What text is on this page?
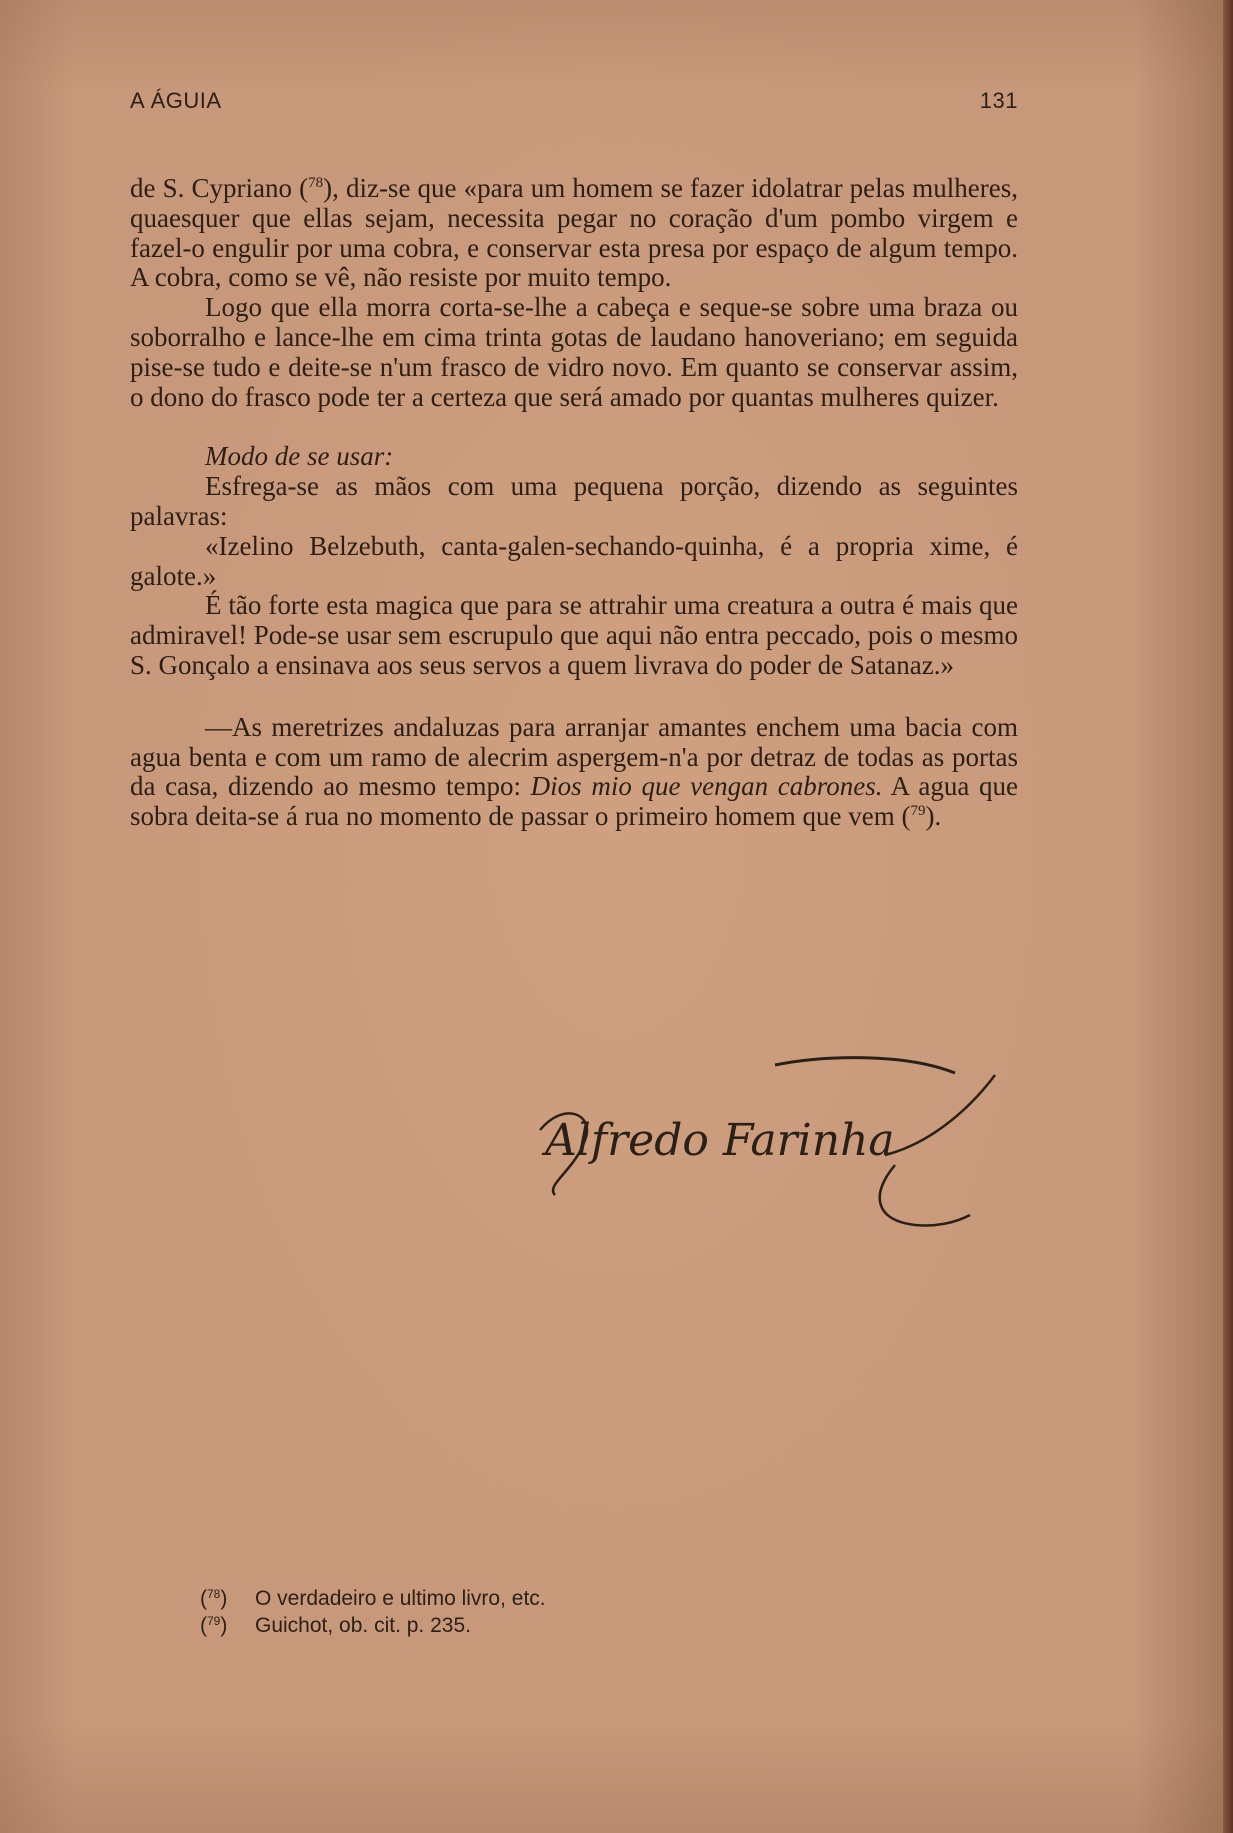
A ÁGUIA	131

de S. Cypriano ($^{78}$), diz-se que «para um homem se fazer idolatrar pelas mulheres, quaesquer que ellas sejam, necessita pegar no coração d'um pombo virgem e fazel-o engulir por uma cobra, e conservar esta presa por espaço de algum tempo. A cobra, como se vê, não resiste por muito tempo.

Logo que ella morra corta-se-lhe a cabeça e seque-se sobre uma braza ou soborralho e lance-lhe em cima trinta gotas de laudano hanoveriano; em seguida pise-se tudo e deite-se n'um frasco de vidro novo. Em quanto se conservar assim, o dono do frasco pode ter a certeza que será amado por quantas mulheres quizer.

Modo de se usar:

Esfrega-se as mãos com uma pequena porção, dizendo as seguintes palavras:

«Izelino Belzebuth, canta-galen-sechando-quinha, é a propria xime, é galote.»

É tão forte esta magica que para se attrahir uma creatura a outra é mais que admiravel! Pode-se usar sem escrupulo que aqui não entra peccado, pois o mesmo S. Gonçalo a ensinava aos seus servos a quem livrava do poder de Satanaz.»

—As meretrizes andaluzas para arranjar amantes enchem uma bacia com agua benta e com um ramo de alecrim aspergem-n'a por detraz de todas as portas da casa, dizendo ao mesmo tempo: Dios mio que vengan cabrones. A agua que sobra deita-se á rua no momento de passar o primeiro homem que vem ($^{79}$).

Alfredo Farinha
($^{78}$)	O verdadeiro e ultimo livro, etc.
($^{79}$)	Guichot, ob. cit. p. 235.
